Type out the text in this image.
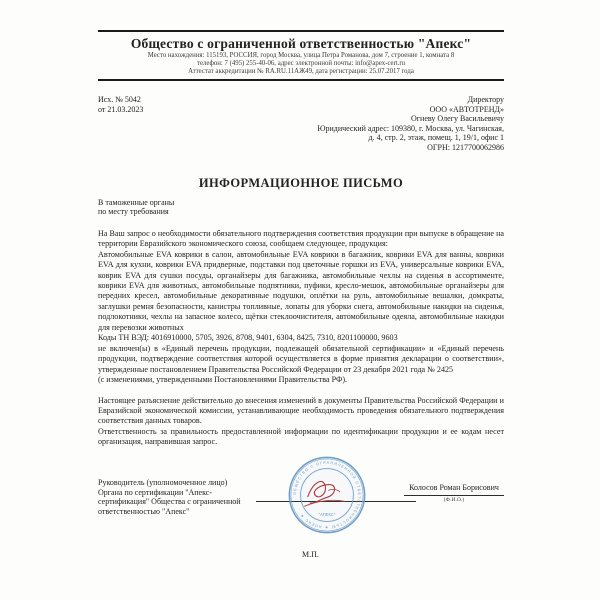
Общество с ограниченной ответственностью "Апекс"
Место нахождения: 115193, РОССИЯ, город Москва, улица Петра Романова, дом 7, строение 1, комната 8
телефон: 7 (495) 255-40-06, адрес электронной почты: info@apex-cert.ru
Аттестат аккредитации № RA.RU.11АЖ49, дата регистрации: 25.07.2017 года
Исх. № 5042
от 21.03.2023
Директору
ООО «АВТОТРЕНД»
Огневу Олегу Васильевичу
Юридический адрес: 109380, г. Москва, ул. Чагинская,
д. 4, стр. 2, этаж, помещ. 1, 19/1, офис 1
ОГРН: 1217700062986
ИНФОРМАЦИОННОЕ ПИСЬМО
В таможенные органы
по месту требования

На Ваш запрос о необходимости обязательного подтверждения соответствия продукции при выпуске в обращение на территории Евразийского экономического союза, сообщаем следующее, продукция:

Автомобильные EVA коврики в салон, автомобильные EVA коврики в багажник, коврики EVA для ванны, коврики EVA для кухни, коврики EVA придверные, подставки под цветочные горшки из EVA, универсальные коврики EVA, коврик EVA для сушки посуды, органайзеры для багажника, автомобильные чехлы на сиденья в ассортименте, коврики EVA для животных, автомобильные подпятники, пуфики, кресло-мешок, автомобильные органайзеры для передних кресел, автомобильные декоративные подушки, оплётки на руль, автомобильные вешалки, домкраты, заглушки ремня безопасности, канистры топливные, лопаты для уборки снега, автомобильные накидки на сиденья, подлокотники, чехлы на запасное колесо, щётки стеклоочистителя, автомобильные одеяла, автомобильные накидки для перевозки животных

Коды ТН ВЭД: 4016910000, 5705, 3926, 8708, 9401, 6304, 8425, 7310, 8201100000, 9603

не включен(ы) в «Единый перечень продукции, подлежащей обязательной сертификации» и «Единый перечень продукции, подтверждение соответствия которой осуществляется в форме принятия декларации о соответствии», утвержденные постановлением Правительства Российской Федерации от 23 декабря 2021 года № 2425

(с изменениями, утвержденными Постановлениями Правительства РФ).

Настоящее разъяснение действительно до внесения изменений в документы Правительства Российской Федерации и Евразийской экономической комиссии, устанавливающие необходимость проведения обязательного подтверждения соответствия данных товаров.

Ответственность за правильность предоставленной информации по идентификации продукции и ее кодам несет организация, направившая запрос.

Руководитель (уполномоченное лицо)
Органа по сертификации "Апекс-
сертификация" Общества с ограниченной
ответственностью "Апекс"
ОБЩЕСТВО С ОГРАНИЧЕННОЙ ОТВЕТСТВЕННОСТЬЮ ★ АПЕКС ★	"АПЕКС"
Колосов Роман Борисович
(Ф.И.О.)
М.П.
